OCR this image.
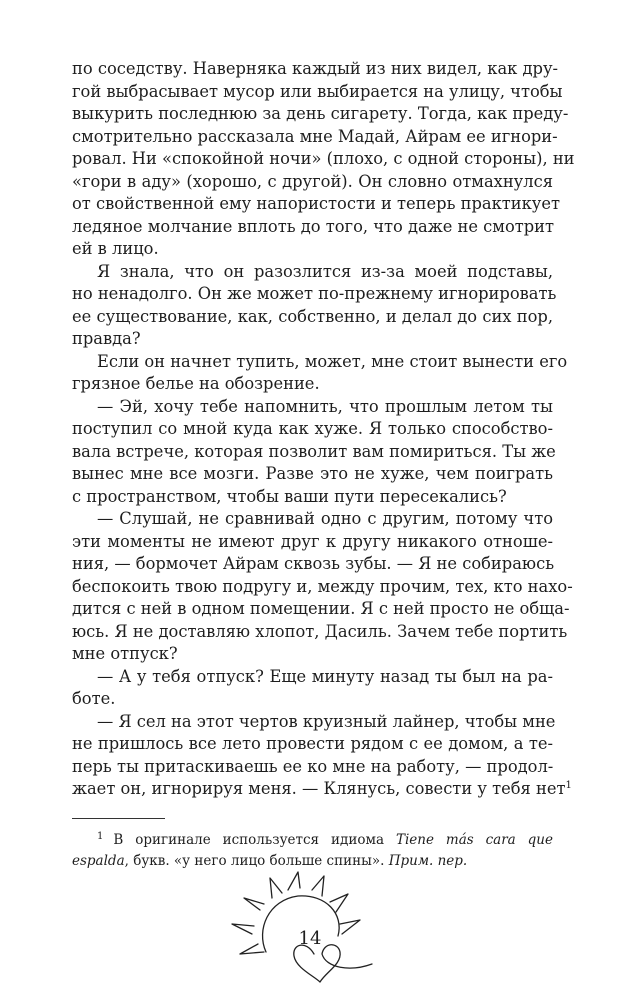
по соседству. Наверняка каждый из них видел, как дру-
гой выбрасывает мусор или выбирается на улицу, чтобы
выкурить последнюю за день сигарету. Тогда, как преду-
смотрительно рассказала мне Мадай, Айрам ее игнори-
ровал. Ни «спокойной ночи» (плохо, с одной стороны), ни
«гори в аду» (хорошо, с другой). Он словно отмахнулся
от свойственной ему напористости и теперь практикует
ледяное молчание вплоть до того, что даже не смотрит
ей в лицо.
Я знала, что он разозлится из-за моей подставы,
но ненадолго. Он же может по-прежнему игнорировать
ее существование, как, собственно, и делал до сих пор,
правда?
Если он начнет тупить, может, мне стоит вынести его
грязное белье на обозрение.
— Эй, хочу тебе напомнить, что прошлым летом ты
поступил со мной куда как хуже. Я только способство-
вала встрече, которая позволит вам помириться. Ты же
вынес мне все мозги. Разве это не хуже, чем поиграть
с пространством, чтобы ваши пути пересекались?
— Слушай, не сравнивай одно с другим, потому что
эти моменты не имеют друг к другу никакого отноше-
ния, — бормочет Айрам сквозь зубы. — Я не собираюсь
беспокоить твою подругу и, между прочим, тех, кто нахо-
дится с ней в одном помещении. Я с ней просто не обща-
юсь. Я не доставляю хлопот, Дасиль. Зачем тебе портить
мне отпуск?
— А у тебя отпуск? Еще минуту назад ты был на ра-
боте.
— Я сел на этот чертов круизный лайнер, чтобы мне
не пришлось все лето провести рядом с ее домом, а те-
перь ты притаскиваешь ее ко мне на работу, — продол-
жает он, игнорируя меня. — Клянусь, совести у тебя нет$^1$
$^1$ В оригинале используется идиома Tiene más cara que
espalda, букв. «у него лицо больше спины». Прим. пер.
14
